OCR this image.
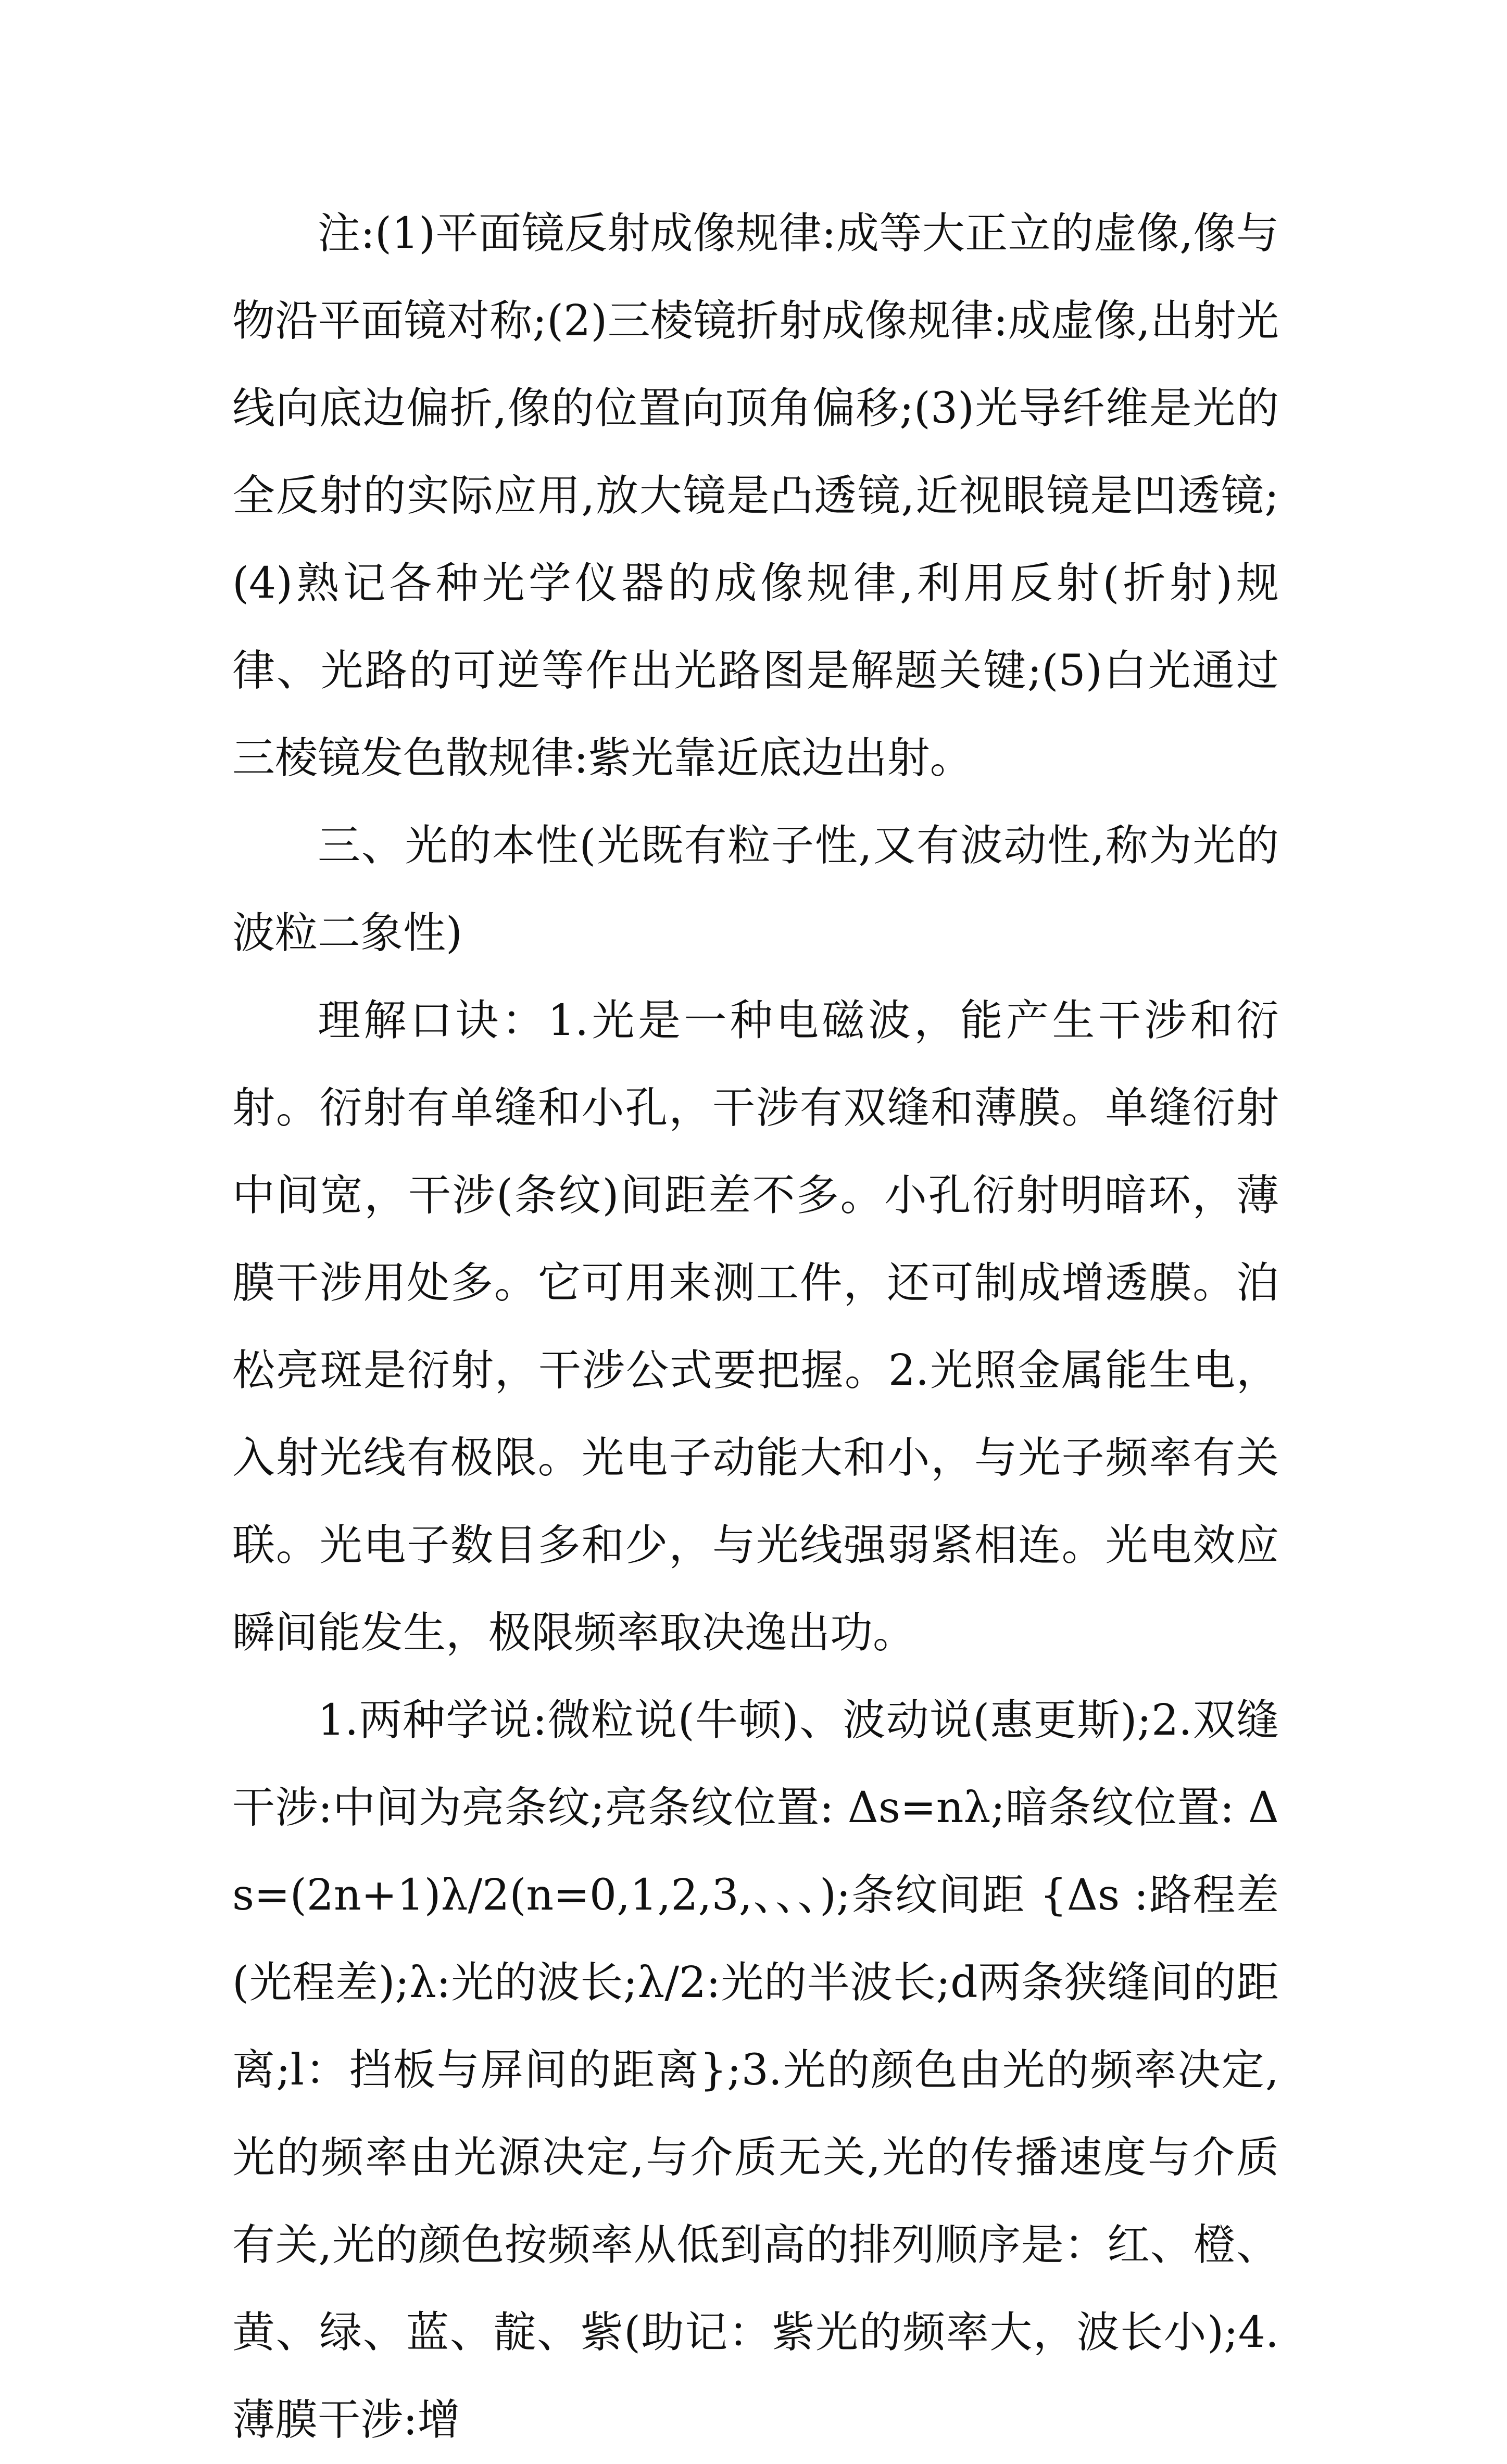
注:(1)平面镜反射成像规律:成等大正立的虚像,像与物沿平面镜对称;(2)三棱镜折射成像规律:成虚像,出射光线向底边偏折,像的位置向顶角偏移;(3)光导纤维是光的全反射的实际应用,放大镜是凸透镜,近视眼镜是凹透镜;(4)熟记各种光学仪器的成像规律,利用反射(折射)规律、光路的可逆等作出光路图是解题关键;(5)白光通过三棱镜发色散规律:紫光靠近底边出射。

三、光的本性(光既有粒子性,又有波动性,称为光的波粒二象性)

理解口诀：1.光是一种电磁波，能产生干涉和衍射。衍射有单缝和小孔，干涉有双缝和薄膜。单缝衍射中间宽，干涉(条纹)间距差不多。小孔衍射明暗环，薄膜干涉用处多。它可用来测工件，还可制成增透膜。泊松亮斑是衍射，干涉公式要把握。2.光照金属能生电，入射光线有极限。光电子动能大和小，与光子频率有关联。光电子数目多和少，与光线强弱紧相连。光电效应瞬间能发生，极限频率取决逸出功。

1.两种学说:微粒说(牛顿)、波动说(惠更斯);2.双缝干涉:中间为亮条纹;亮条纹位置: Δs=nλ;暗条纹位置: Δs=(2n+1)λ/2(n=0,1,2,3,、、、);条纹间距 {Δs :路程差(光程差);λ:光的波长;λ/2:光的半波长;d两条狭缝间的距离;l：挡板与屏间的距离};3.光的颜色由光的频率决定,光的频率由光源决定,与介质无关,光的传播速度与介质有关,光的颜色按频率从低到高的排列顺序是：红、橙、黄、绿、蓝、靛、紫(助记：紫光的频率大，波长小);4.薄膜干涉:增
